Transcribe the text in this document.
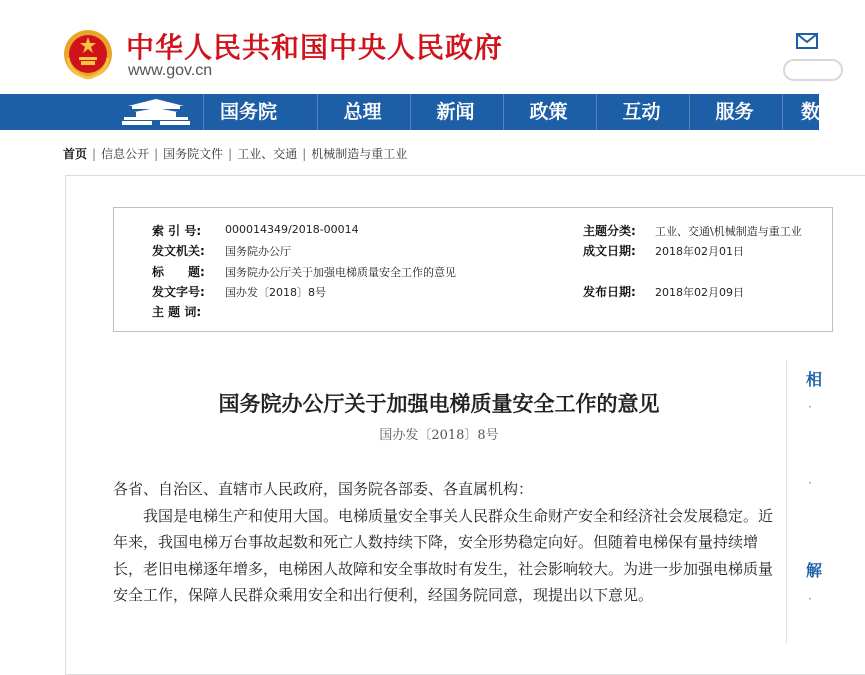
中华人民共和国中央人民政府
www.gov.cn
国务院	总理	新闻	政策	互动	服务	数
首页 | 信息公开 | 国务院文件 | 工业、交通 | 机械制造与重工业
索 引 号: 000014349/2018-00014	主题分类: 工业、交通\机械制造与重工业
发文机关: 国务院办公厅	成文日期: 2018年02月01日
标　　题: 国务院办公厅关于加强电梯质量安全工作的意见
发文字号: 国办发〔2018〕8号	发布日期: 2018年02月09日
主 题 词:
国务院办公厅关于加强电梯质量安全工作的意见
国办发〔2018〕8号

各省、自治区、直辖市人民政府，国务院各部委、各直属机构：

我国是电梯生产和使用大国。电梯质量安全事关人民群众生命财产安全和经济社会发展稳定。近年来，我国电梯万台事故起数和死亡人数持续下降，安全形势稳定向好。但随着电梯保有量持续增长，老旧电梯逐年增多，电梯困人故障和安全事故时有发生，社会影响较大。为进一步加强电梯质量安全工作，保障人民群众乘用安全和出行便利，经国务院同意，现提出以下意见。

相
·
·
解
·
